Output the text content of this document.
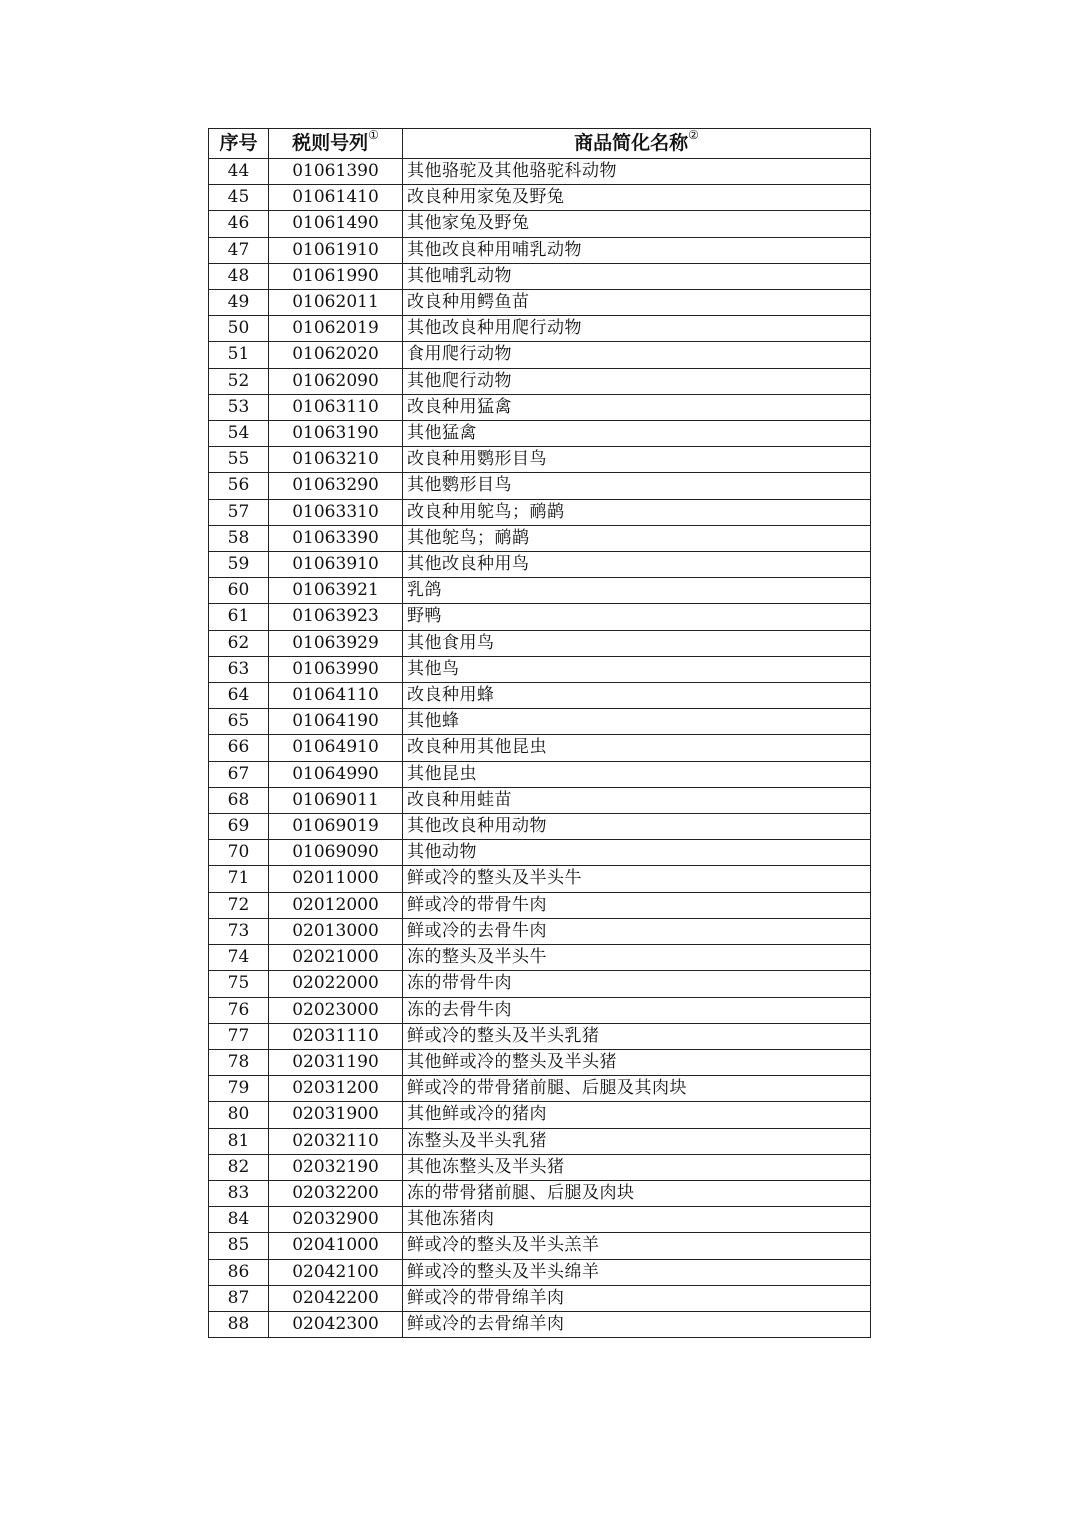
序号	税则号列①	商品简化名称②
44	01061390	其他骆驼及其他骆驼科动物
45	01061410	改良种用家兔及野兔
46	01061490	其他家兔及野兔
47	01061910	其他改良种用哺乳动物
48	01061990	其他哺乳动物
49	01062011	改良种用鳄鱼苗
50	01062019	其他改良种用爬行动物
51	01062020	食用爬行动物
52	01062090	其他爬行动物
53	01063110	改良种用猛禽
54	01063190	其他猛禽
55	01063210	改良种用鹦形目鸟
56	01063290	其他鹦形目鸟
57	01063310	改良种用鸵鸟；鸸鹋
58	01063390	其他鸵鸟；鸸鹋
59	01063910	其他改良种用鸟
60	01063921	乳鸽
61	01063923	野鸭
62	01063929	其他食用鸟
63	01063990	其他鸟
64	01064110	改良种用蜂
65	01064190	其他蜂
66	01064910	改良种用其他昆虫
67	01064990	其他昆虫
68	01069011	改良种用蛙苗
69	01069019	其他改良种用动物
70	01069090	其他动物
71	02011000	鲜或冷的整头及半头牛
72	02012000	鲜或冷的带骨牛肉
73	02013000	鲜或冷的去骨牛肉
74	02021000	冻的整头及半头牛
75	02022000	冻的带骨牛肉
76	02023000	冻的去骨牛肉
77	02031110	鲜或冷的整头及半头乳猪
78	02031190	其他鲜或冷的整头及半头猪
79	02031200	鲜或冷的带骨猪前腿、后腿及其肉块
80	02031900	其他鲜或冷的猪肉
81	02032110	冻整头及半头乳猪
82	02032190	其他冻整头及半头猪
83	02032200	冻的带骨猪前腿、后腿及肉块
84	02032900	其他冻猪肉
85	02041000	鲜或冷的整头及半头羔羊
86	02042100	鲜或冷的整头及半头绵羊
87	02042200	鲜或冷的带骨绵羊肉
88	02042300	鲜或冷的去骨绵羊肉
